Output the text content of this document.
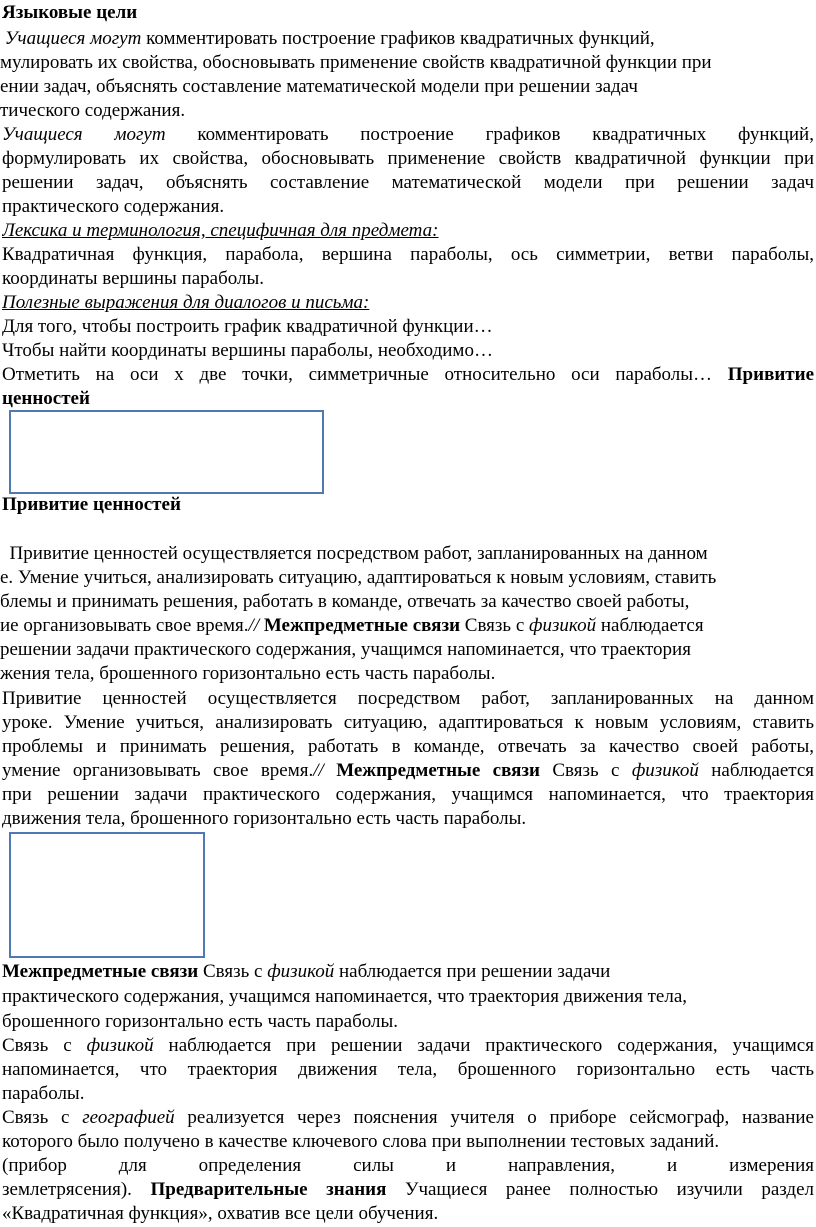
Языковые цели
Учащиеся могут комментировать построение графиков квадратичных функций,
мулировать их свойства, обосновывать применение свойств квадратичной функции при
ении задач, объяснять составление математической модели при решении задач
тического содержания.
Учащиеся могут комментировать построение графиков квадратичных функций,
формулировать их свойства, обосновывать применение свойств квадратичной функции при
решении задач, объяснять составление математической модели при решении задач
практического содержания.
Лексика и терминология, специфичная для предмета:
Квадратичная функция, парабола, вершина параболы, ось симметрии, ветви параболы,
координаты вершины параболы.
Полезные выражения для диалогов и письма:
Для того, чтобы построить график квадратичной функции…
Чтобы найти координаты вершины параболы, необходимо…
Отметить на оси х две точки, симметричные относительно оси параболы… Привитие
ценностей
Привитие ценностей
Привитие ценностей осуществляется посредством работ, запланированных на данном
е. Умение учиться, анализировать ситуацию, адаптироваться к новым условиям, ставить
блемы и принимать решения, работать в команде, отвечать за качество своей работы,
ие организовывать свое время.// Межпредметные связи Связь с физикой наблюдается
решении задачи практического содержания, учащимся напоминается, что траектория
жения тела, брошенного горизонтально есть часть параболы.
Привитие ценностей осуществляется посредством работ, запланированных на данном
уроке. Умение учиться, анализировать ситуацию, адаптироваться к новым условиям, ставить
проблемы и принимать решения, работать в команде, отвечать за качество своей работы,
умение организовывать свое время.// Межпредметные связи Связь с физикой наблюдается
при решении задачи практического содержания, учащимся напоминается, что траектория
движения тела, брошенного горизонтально есть часть параболы.
Межпредметные связи Связь с физикой наблюдается при решении задачи
практического содержания, учащимся напоминается, что траектория движения тела,
брошенного горизонтально есть часть параболы.
Связь с физикой наблюдается при решении задачи практического содержания, учащимся
напоминается, что траектория движения тела, брошенного горизонтально есть часть
параболы.
Связь с географией реализуется через пояснения учителя о приборе сейсмограф, название
которого было получено в качестве ключевого слова при выполнении тестовых заданий.
(прибор для определения силы и направления, и измерения
землетрясения). Предварительные знания Учащиеся ранее полностью изучили раздел
«Квадратичная функция», охватив все цели обучения.
